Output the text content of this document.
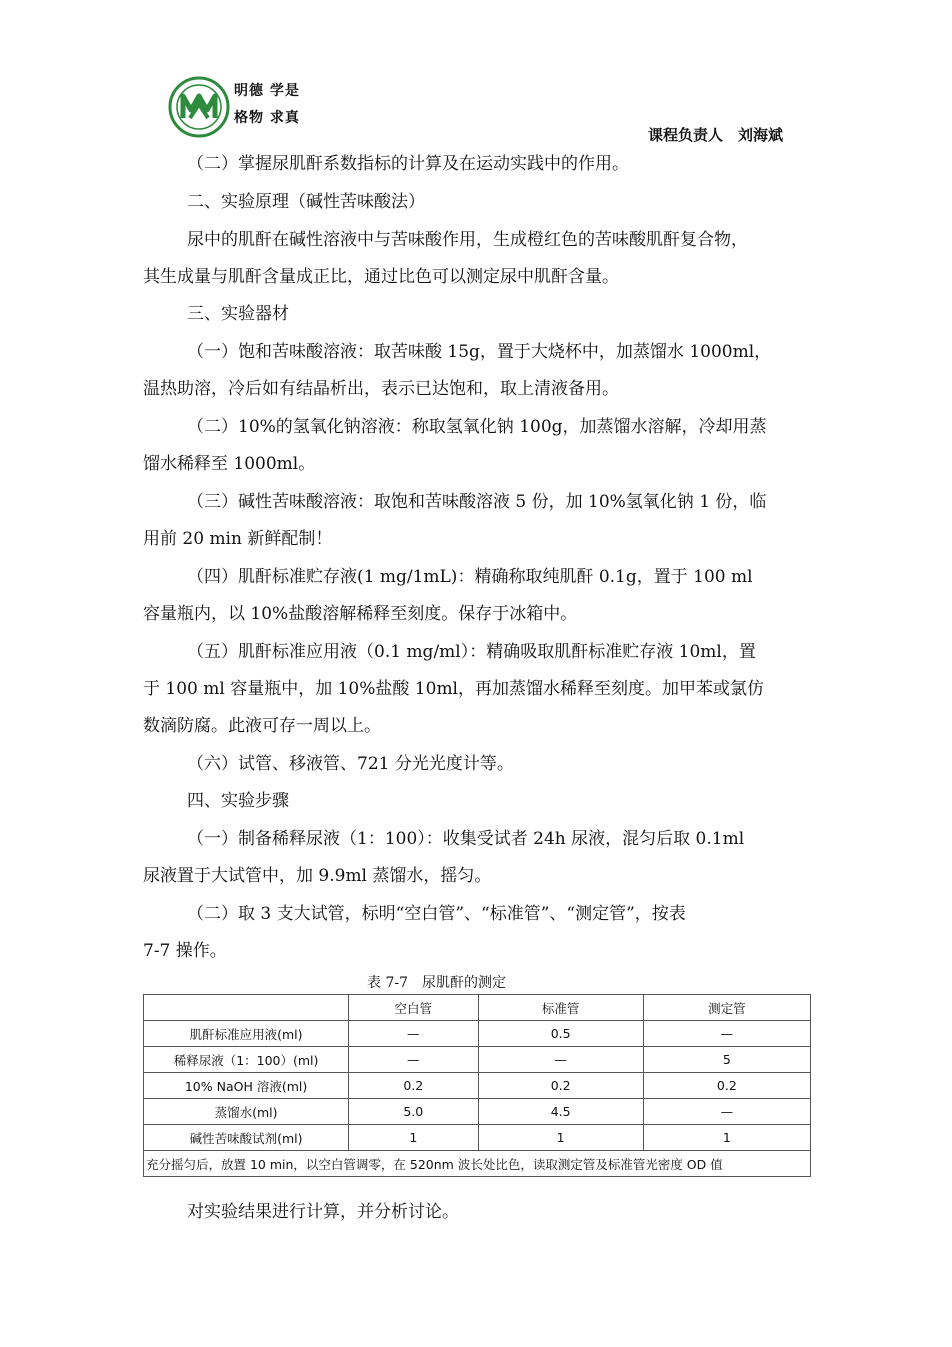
明德 学是
格物 求真
课程负责人　刘海斌
（二）掌握尿肌酐系数指标的计算及在运动实践中的作用。
二、实验原理（碱性苦味酸法）
尿中的肌酐在碱性溶液中与苦味酸作用，生成橙红色的苦味酸肌酐复合物，
其生成量与肌酐含量成正比，通过比色可以测定尿中肌酐含量。
三、实验器材
（一）饱和苦味酸溶液：取苦味酸 15g，置于大烧杯中，加蒸馏水 1000ml，
温热助溶，冷后如有结晶析出，表示已达饱和，取上清液备用。
（二）10%的氢氧化钠溶液：称取氢氧化钠 100g，加蒸馏水溶解，冷却用蒸
馏水稀释至 1000ml。
（三）碱性苦味酸溶液：取饱和苦味酸溶液 5 份，加 10%氢氧化钠 1 份，临
用前 20 min 新鲜配制！
（四）肌酐标准贮存液(1 mg/1mL)：精确称取纯肌酐 0.1g，置于 100 ml
容量瓶内，以 10%盐酸溶解稀释至刻度。保存于冰箱中。
（五）肌酐标准应用液（0.1 mg/ml）：精确吸取肌酐标准贮存液 10ml，置
于 100 ml 容量瓶中，加 10%盐酸 10ml，再加蒸馏水稀释至刻度。加甲苯或氯仿
数滴防腐。此液可存一周以上。
（六）试管、移液管、721 分光光度计等。
四、实验步骤
（一）制备稀释尿液（1：100）：收集受试者 24h 尿液，混匀后取 0.1ml
尿液置于大试管中，加 9.9ml 蒸馏水，摇匀。
（二）取 3 支大试管，标明“空白管”、“标准管”、“测定管”，按表
7-7 操作。
表 7-7　尿肌酐的测定
	空白管	标准管	测定管
肌酐标准应用液(ml)	—	0.5	—
稀释尿液（1：100）(ml)	—	—	5
10% NaOH 溶液(ml)	0.2	0.2	0.2
蒸馏水(ml)	5.0	4.5	—
碱性苦味酸试剂(ml)	1	1	1
充分摇匀后，放置 10 min，以空白管调零，在 520nm 波长处比色，读取测定管及标准管光密度 OD 值			
对实验结果进行计算，并分析讨论。
